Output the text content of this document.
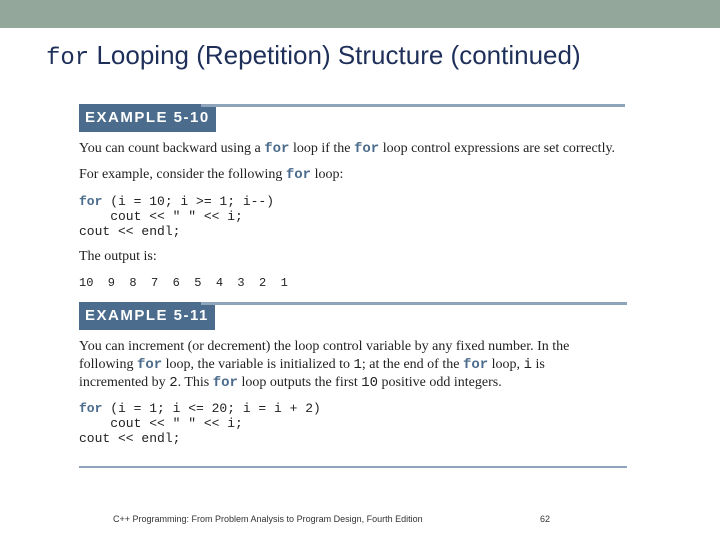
for Looping (Repetition) Structure (continued)
EXAMPLE 5-10
You can count backward using a for loop if the for loop control expressions are set correctly.
For example, consider the following for loop:
for (i = 10; i >= 1; i--)
cout << " " << i;
cout << endl;
The output is:
10  9  8  7  6  5  4  3  2  1
EXAMPLE 5-11
You can increment (or decrement) the loop control variable by any fixed number. In the
following for loop, the variable is initialized to 1; at the end of the for loop, i is
incremented by 2. This for loop outputs the first 10 positive odd integers.
for (i = 1; i <= 20; i = i + 2)
cout << " " << i;
cout << endl;
C++ Programming: From Problem Analysis to Program Design, Fourth Edition	62
